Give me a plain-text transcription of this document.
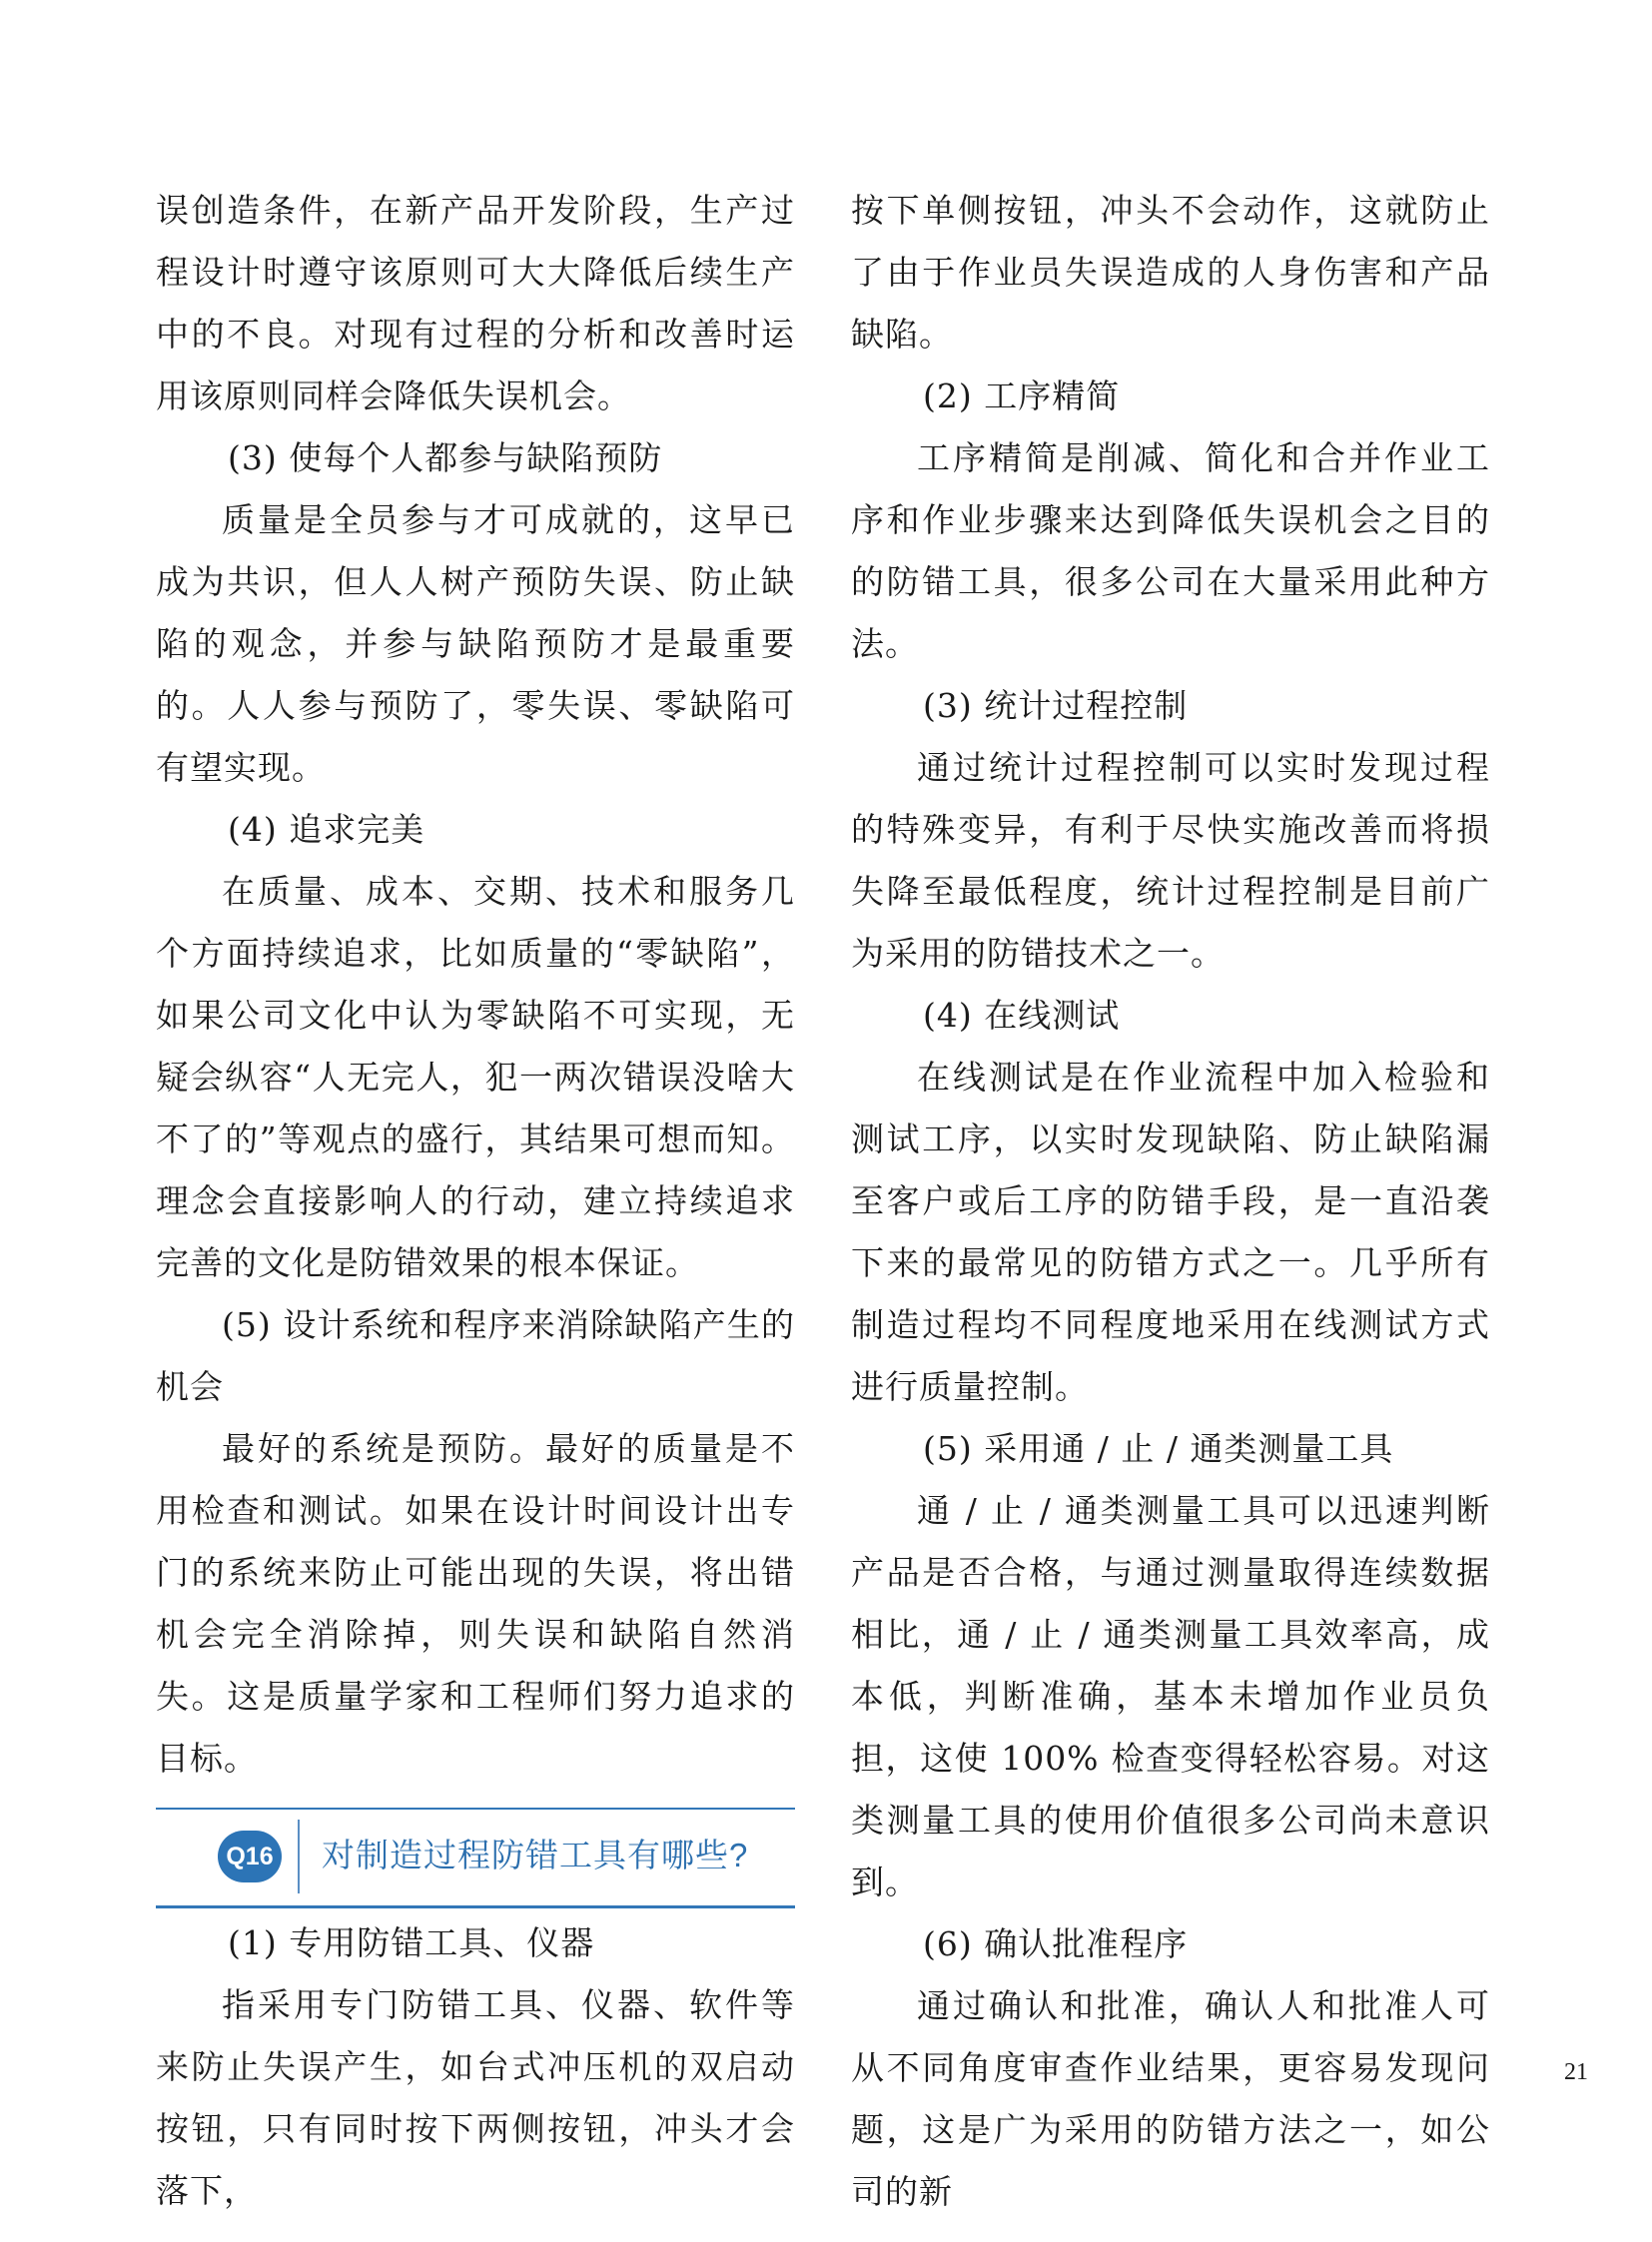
误创造条件，在新产品开发阶段，生产过程设计时遵守该原则可大大降低后续生产中的不良。对现有过程的分析和改善时运用该原则同样会降低失误机会。

(3) 使每个人都参与缺陷预防

质量是全员参与才可成就的，这早已成为共识，但人人树产预防失误、防止缺陷的观念，并参与缺陷预防才是最重要的。人人参与预防了，零失误、零缺陷可有望实现。

(4) 追求完美

在质量、成本、交期、技术和服务几个方面持续追求，比如质量的“零缺陷”，如果公司文化中认为零缺陷不可实现，无疑会纵容“人无完人，犯一两次错误没啥大不了的”等观点的盛行，其结果可想而知。理念会直接影响人的行动，建立持续追求完善的文化是防错效果的根本保证。

(5) 设计系统和程序来消除缺陷产生的机会

最好的系统是预防。最好的质量是不用检查和测试。如果在设计时间设计出专门的系统来防止可能出现的失误，将出错机会完全消除掉，则失误和缺陷自然消失。这是质量学家和工程师们努力追求的目标。

Q16 对制造过程防错工具有哪些?

(1) 专用防错工具、仪器

指采用专门防错工具、仪器、软件等来防止失误产生，如台式冲压机的双启动按钮，只有同时按下两侧按钮，冲头才会落下，

按下单侧按钮，冲头不会动作，这就防止了由于作业员失误造成的人身伤害和产品缺陷。

(2) 工序精简

工序精简是削减、简化和合并作业工序和作业步骤来达到降低失误机会之目的的防错工具，很多公司在大量采用此种方法。

(3) 统计过程控制

通过统计过程控制可以实时发现过程的特殊变异，有利于尽快实施改善而将损失降至最低程度，统计过程控制是目前广为采用的防错技术之一。

(4) 在线测试

在线测试是在作业流程中加入检验和测试工序，以实时发现缺陷、防止缺陷漏至客户或后工序的防错手段，是一直沿袭下来的最常见的防错方式之一。几乎所有制造过程均不同程度地采用在线测试方式进行质量控制。

(5) 采用通 / 止 / 通类测量工具

通 / 止 / 通类测量工具可以迅速判断产品是否合格，与通过测量取得连续数据相比，通 / 止 / 通类测量工具效率高，成本低，判断准确，基本未增加作业员负担，这使 100% 检查变得轻松容易。对这类测量工具的使用价值很多公司尚未意识到。

(6) 确认批准程序

通过确认和批准，确认人和批准人可从不同角度审查作业结果，更容易发现问题，这是广为采用的防错方法之一，如公司的新

21
